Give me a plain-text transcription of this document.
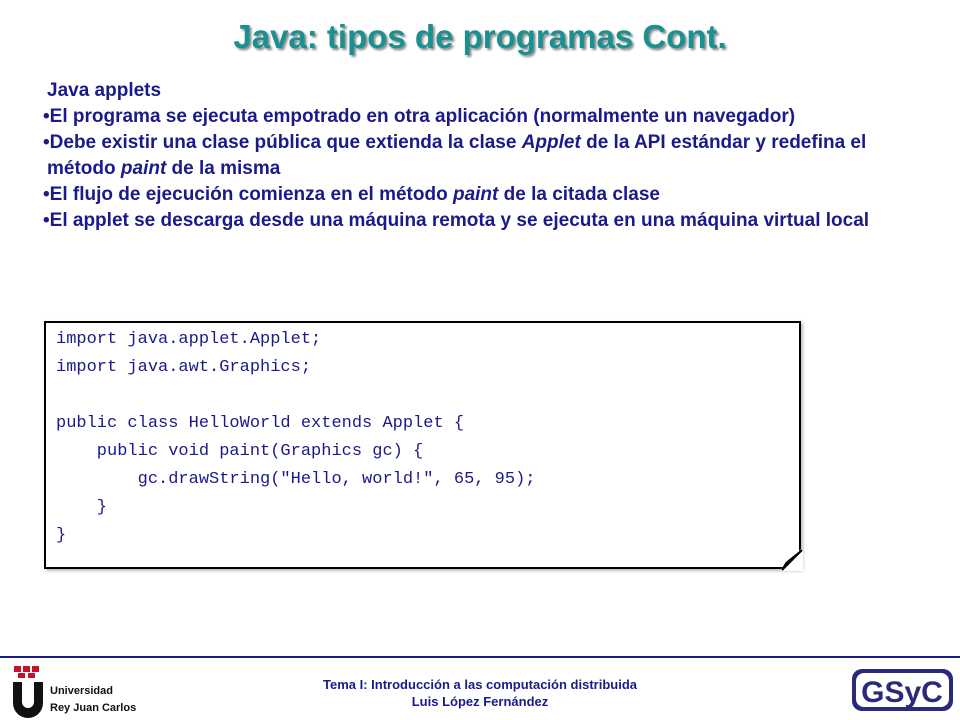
Java: tipos de programas Cont.
Java applets
•El programa se ejecuta empotrado en otra aplicación (normalmente un navegador)
•Debe existir una clase pública que extienda la clase Applet de la API estándar y redefina el método paint de la misma
•El flujo de ejecución comienza en el método paint de la citada clase
•El applet se descarga desde una máquina remota y se ejecuta en una máquina virtual local
import java.applet.Applet;
import java.awt.Graphics;

public class HelloWorld extends Applet {
public void paint(Graphics gc) {
gc.drawString("Hello, world!", 65, 95);
}
}
Universidad
Rey Juan Carlos
Tema I: Introducción a las computación distribuida
Luis López Fernández	GSyC
